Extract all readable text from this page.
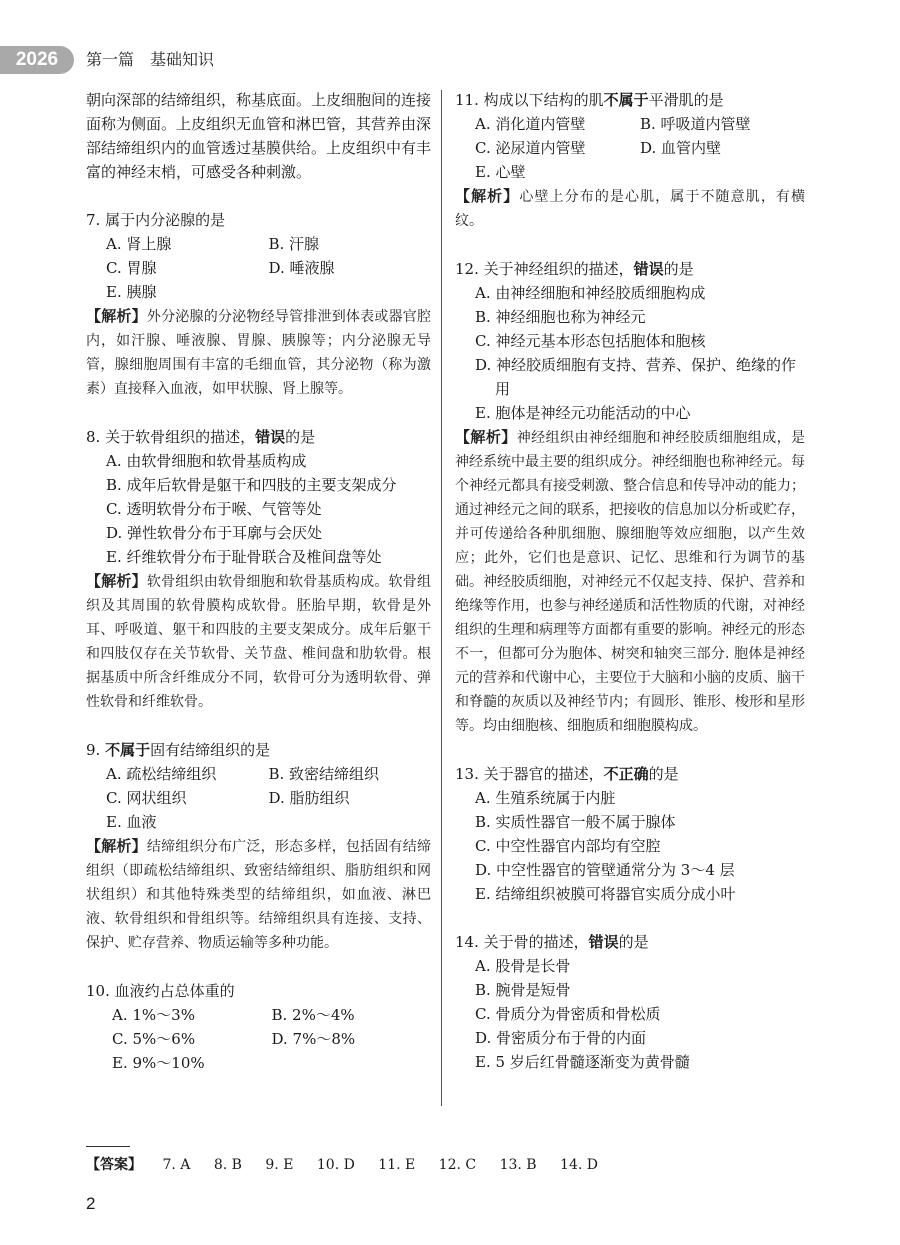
2026	第一篇 基础知识

朝向深部的结缔组织，称基底面。上皮细胞间的连接面称为侧面。上皮组织无血管和淋巴管，其营养由深部结缔组织内的血管透过基膜供给。上皮组织中有丰富的神经末梢，可感受各种刺激。

7. 属于内分泌腺的是

A. 肾上腺	B. 汗腺
C. 胃腺	D. 唾液腺
E. 胰腺

【解析】外分泌腺的分泌物经导管排泄到体表或器官腔内，如汗腺、唾液腺、胃腺、胰腺等；内分泌腺无导管，腺细胞周围有丰富的毛细血管，其分泌物（称为激素）直接释入血液，如甲状腺、肾上腺等。

8. 关于软骨组织的描述，错误的是

A. 由软骨细胞和软骨基质构成
B. 成年后软骨是躯干和四肢的主要支架成分
C. 透明软骨分布于喉、气管等处
D. 弹性软骨分布于耳廓与会厌处
E. 纤维软骨分布于耻骨联合及椎间盘等处

【解析】软骨组织由软骨细胞和软骨基质构成。软骨组织及其周围的软骨膜构成软骨。胚胎早期，软骨是外耳、呼吸道、躯干和四肢的主要支架成分。成年后躯干和四肢仅存在关节软骨、关节盘、椎间盘和肋软骨。根据基质中所含纤维成分不同，软骨可分为透明软骨、弹性软骨和纤维软骨。

9. 不属于固有结缔组织的是

A. 疏松结缔组织	B. 致密结缔组织
C. 网状组织	D. 脂肪组织
E. 血液

【解析】结缔组织分布广泛，形态多样，包括固有结缔组织（即疏松结缔组织、致密结缔组织、脂肪组织和网状组织）和其他特殊类型的结缔组织，如血液、淋巴液、软骨组织和骨组织等。结缔组织具有连接、支持、保护、贮存营养、物质运输等多种功能。

10. 血液约占总体重的

A. 1%～3%	B. 2%～4%
C. 5%～6%	D. 7%～8%
E. 9%～10%

11. 构成以下结构的肌不属于平滑肌的是

A. 消化道内管壁	B. 呼吸道内管壁
C. 泌尿道内管壁	D. 血管内壁
E. 心壁

【解析】心壁上分布的是心肌，属于不随意肌，有横纹。

12. 关于神经组织的描述，错误的是

A. 由神经细胞和神经胶质细胞构成
B. 神经细胞也称为神经元
C. 神经元基本形态包括胞体和胞核
D. 神经胶质细胞有支持、营养、保护、绝缘的作用
E. 胞体是神经元功能活动的中心

【解析】神经组织由神经细胞和神经胶质细胞组成，是神经系统中最主要的组织成分。神经细胞也称神经元。每个神经元都具有接受刺激、整合信息和传导冲动的能力；通过神经元之间的联系，把接收的信息加以分析或贮存，并可传递给各种肌细胞、腺细胞等效应细胞，以产生效应；此外，它们也是意识、记忆、思维和行为调节的基础。神经胶质细胞，对神经元不仅起支持、保护、营养和绝缘等作用，也参与神经递质和活性物质的代谢，对神经组织的生理和病理等方面都有重要的影响。神经元的形态不一，但都可分为胞体、树突和轴突三部分. 胞体是神经元的营养和代谢中心，主要位于大脑和小脑的皮质、脑干和脊髓的灰质以及神经节内；有圆形、锥形、梭形和星形等。均由细胞核、细胞质和细胞膜构成。

13. 关于器官的描述，不正确的是

A. 生殖系统属于内脏
B. 实质性器官一般不属于腺体
C. 中空性器官内部均有空腔
D. 中空性器官的管壁通常分为 3～4 层
E. 结缔组织被膜可将器官实质分成小叶

14. 关于骨的描述，错误的是

A. 股骨是长骨
B. 腕骨是短骨
C. 骨质分为骨密质和骨松质
D. 骨密质分布于骨的内面
E. 5 岁后红骨髓逐渐变为黄骨髓
【答案】 7. A 8. B 9. E 10. D 11. E 12. C 13. B 14. D
2
